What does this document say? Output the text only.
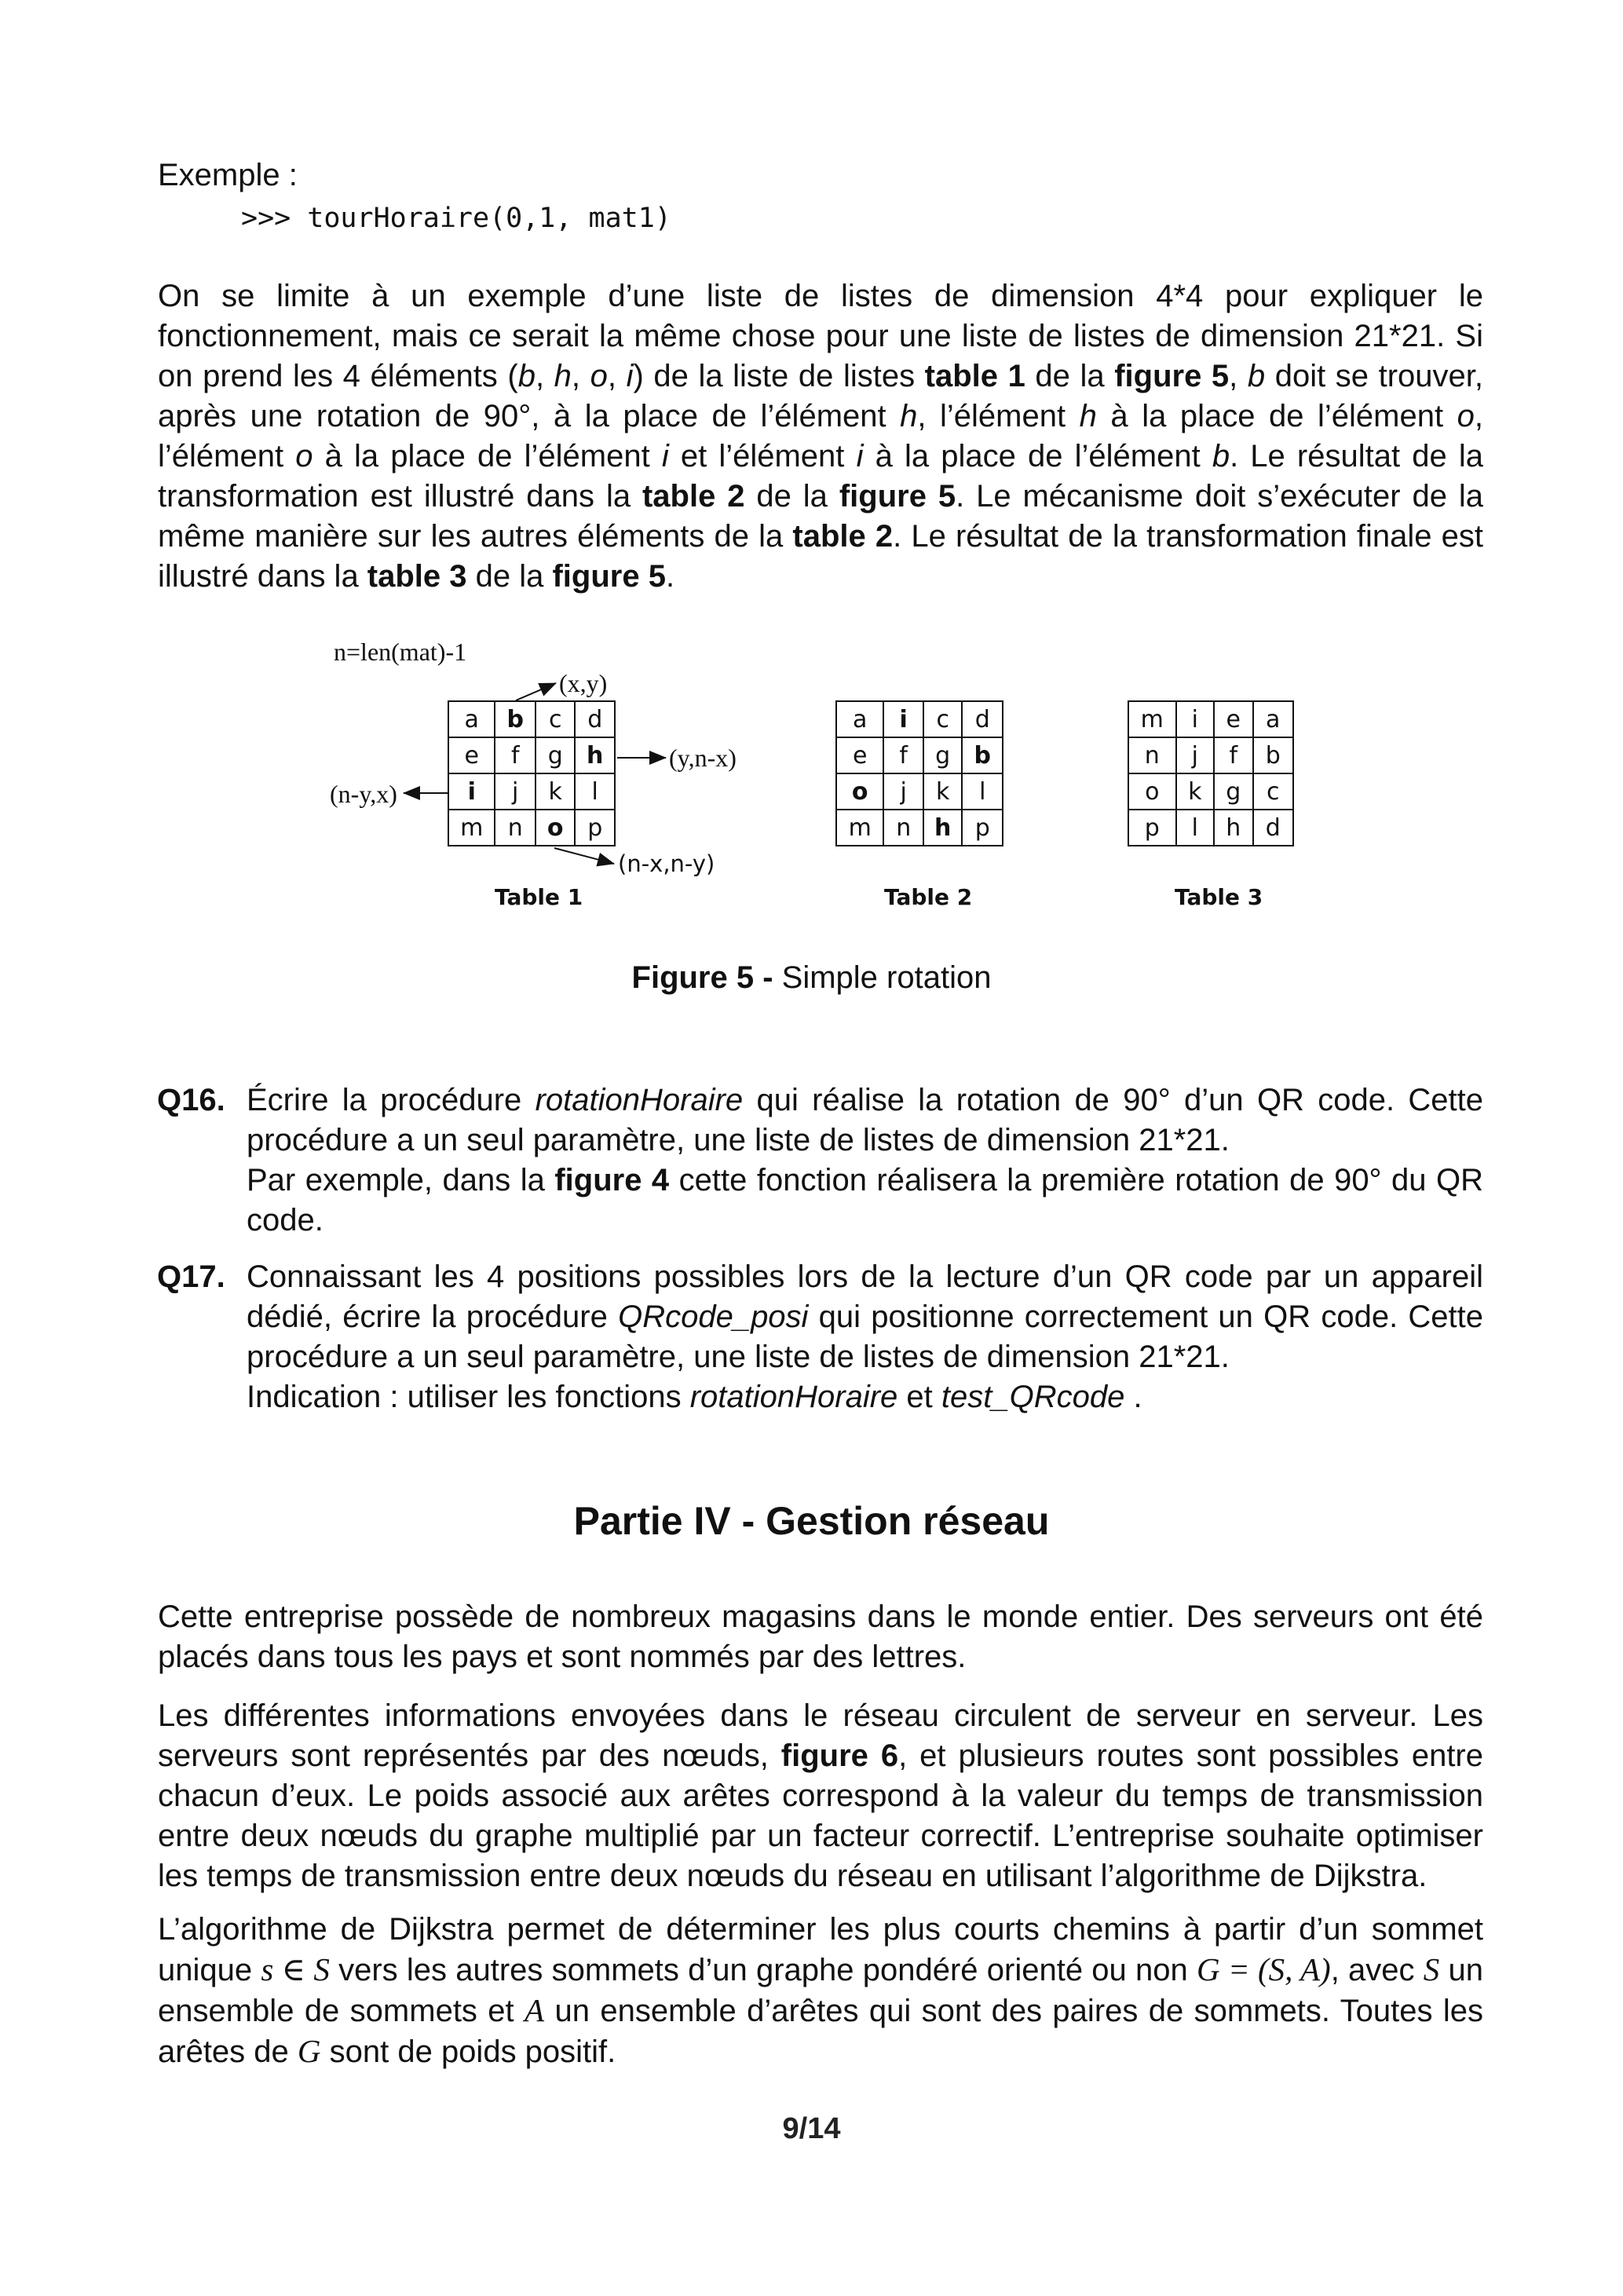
Exemple :
>>> tourHoraire(0,1, mat1)
On se limite à un exemple d’une liste de listes de dimension 4*4 pour expliquer le fonctionnement, mais ce serait la même chose pour une liste de listes de dimension 21*21. Si on prend les 4 éléments (b, h, o, i) de la liste de listes table 1 de la figure 5, b doit se trouver, après une rotation de 90°, à la place de l’élément h, l’élément h à la place de l’élément o, l’élément o à la place de l’élément i et l’élément i à la place de l’élément b. Le résultat de la transformation est illustré dans la table 2 de la figure 5. Le mécanisme doit s’exécuter de la même manière sur les autres éléments de la table 2. Le résultat de la transformation finale est illustré dans la table 3 de la figure 5.
n=len(mat)-1
(x,y)
(y,n-x)
(n-y,x)
(n-x,n-y)
a	b	c	d
e	f	g	h
i	j	k	l
m	n	o	p
Table 1
a	i	c	d
e	f	g	b
o	j	k	l
m	n	h	p
Table 2
m	i	e	a
n	j	f	b
o	k	g	c
p	l	h	d
Table 3
Figure 5 - Simple rotation
Q16. Écrire la procédure rotationHoraire qui réalise la rotation de 90° d’un QR code. Cette procédure a un seul paramètre, une liste de listes de dimension 21*21.
Par exemple, dans la figure 4 cette fonction réalisera la première rotation de 90° du QR code.
Q17. Connaissant les 4 positions possibles lors de la lecture d’un QR code par un appareil dédié, écrire la procédure QRcode_posi qui positionne correctement un QR code. Cette procédure a un seul paramètre, une liste de listes de dimension 21*21.
Indication : utiliser les fonctions rotationHoraire et test_QRcode .
Partie IV - Gestion réseau
Cette entreprise possède de nombreux magasins dans le monde entier. Des serveurs ont été placés dans tous les pays et sont nommés par des lettres.
Les différentes informations envoyées dans le réseau circulent de serveur en serveur. Les serveurs sont représentés par des nœuds, figure 6, et plusieurs routes sont possibles entre chacun d’eux. Le poids associé aux arêtes correspond à la valeur du temps de transmission entre deux nœuds du graphe multiplié par un facteur correctif. L’entreprise souhaite optimiser les temps de transmission entre deux nœuds du réseau en utilisant l’algorithme de Dijkstra.
L’algorithme de Dijkstra permet de déterminer les plus courts chemins à partir d’un sommet unique s ∈ S vers les autres sommets d’un graphe pondéré orienté ou non G = (S, A), avec S un ensemble de sommets et A un ensemble d’arêtes qui sont des paires de sommets. Toutes les arêtes de G sont de poids positif.
9/14
